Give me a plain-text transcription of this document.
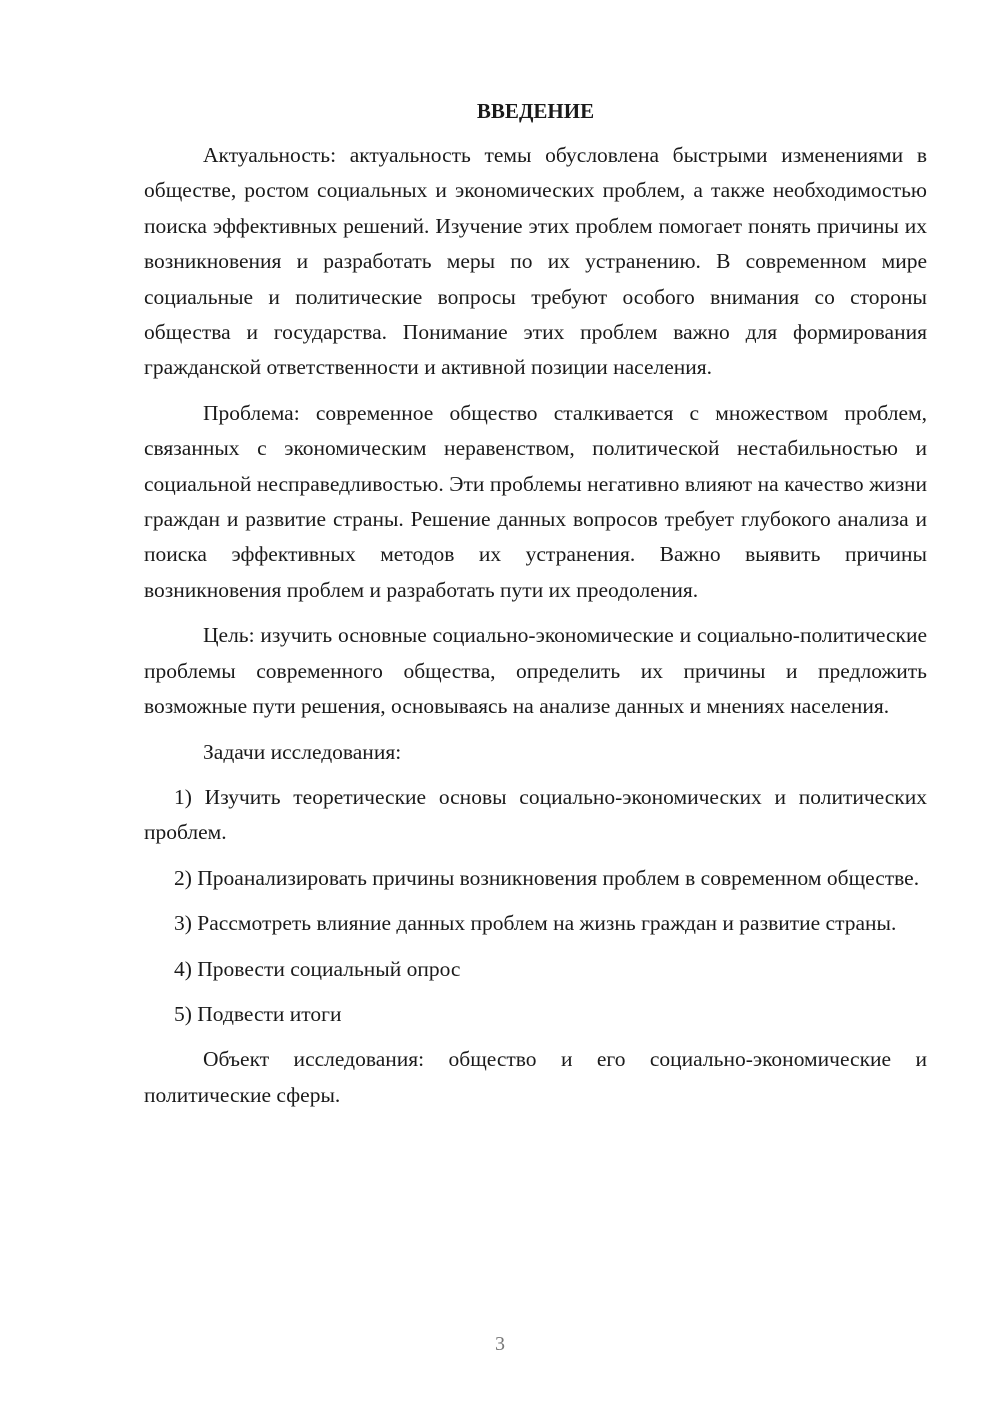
ВВЕДЕНИЕ

Актуальность: актуальность темы обусловлена быстрыми изменениями в обществе, ростом социальных и экономических проблем, а также необходимостью поиска эффективных решений. Изучение этих проблем помогает понять причины их возникновения и разработать меры по их устранению. В современном мире социальные и политические вопросы требуют особого внимания со стороны общества и государства. Понимание этих проблем важно для формирования гражданской ответственности и активной позиции населения.

Проблема: современное общество сталкивается с множеством проблем, связанных с экономическим неравенством, политической нестабильностью и социальной несправедливостью. Эти проблемы негативно влияют на качество жизни граждан и развитие страны. Решение данных вопросов требует глубокого анализа и поиска эффективных методов их устранения. Важно выявить причины возникновения проблем и разработать пути их преодоления.

Цель: изучить основные социально-экономические и социально-политические проблемы современного общества, определить их причины и предложить возможные пути решения, основываясь на анализе данных и мнениях населения.

Задачи исследования:

1) Изучить теоретические основы социально-экономических и политических проблем.

2) Проанализировать причины возникновения проблем в современном обществе.

3) Рассмотреть влияние данных проблем на жизнь граждан и развитие страны.

4) Провести социальный опрос

5) Подвести итоги

Объект исследования: общество и его социально-экономические и политические сферы.

3
